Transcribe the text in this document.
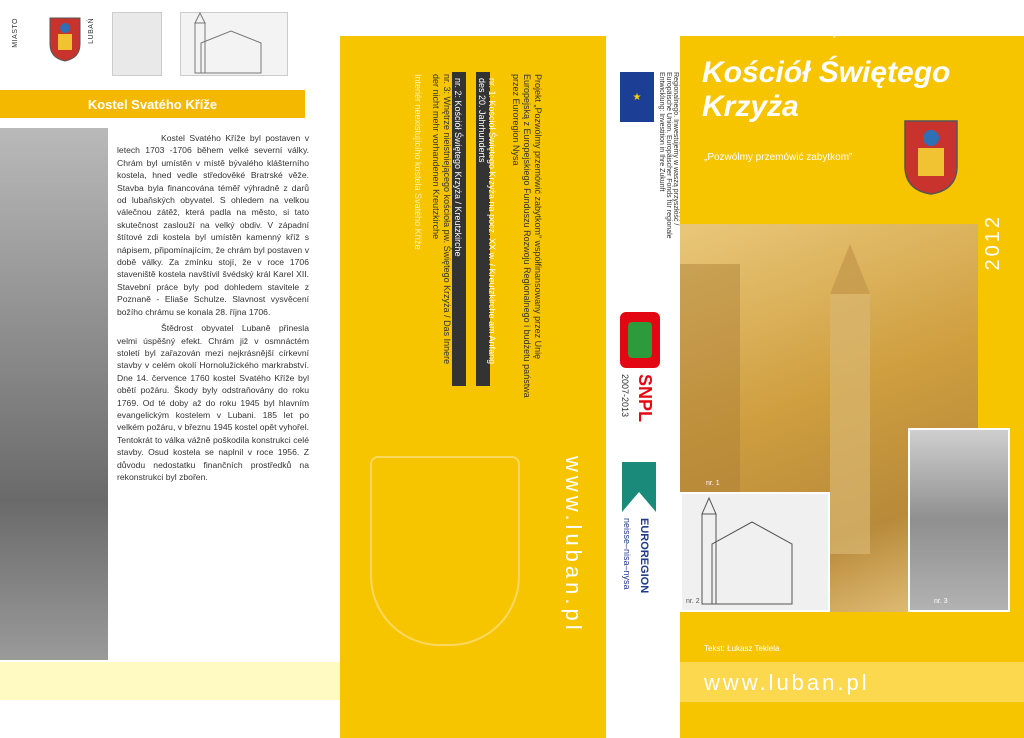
MIASTO	LUBAŃ
Kostel Svatého Kříže

Kostel Svatého Kříže byl postaven v letech 1703 -1706 během velké severní války. Chrám byl umístěn v místě bývalého klášterního kostela, hned vedle středověké Bratrské věže. Stavba byla financována téměř výhradně z darů od lubaňských obyvatel. S ohledem na velkou válečnou zátěž, která padla na město, si tato skutečnost zaslouží na velký obdiv. V západní štítové zdi kostela byl umístěn kamenný kříž s nápisem, připomínajícím, že chrám byl postaven v době války. Za zmínku stojí, že v roce 1706 staveniště kostela navštívil švédský král Karel XII. Stavební práce byly pod dohledem stavitele z Poznaně - Eliaše Schulze. Slavnost vysvěcení božího chrámu se konala 28. října 1706.

Štědrost obyvatel Lubaně přinesla velmi úspěšný efekt. Chrám již v osmnáctém století byl zařazován mezi nejkrásnější církevní stavby v celém okolí Hornolužického markrabství. Dne 14. července 1760 kostel Svatého Kříže byl obětí požáru. Škody byly odstraňovány do roku 1769. Od té doby až do roku 1945 byl hlavním evangelickým kostelem v Lubani. 185 let po velkém požáru, v březnu 1945 kostel opět vyhořel. Tentokrát to válka vážně poškodila konstrukci celé stavby. Osud kostela se naplnil v roce 1956. Z důvodu nedostatku finančních prostředků na rekonstrukci byl zbořen.

Projekt „Pozwólmy przemówić zabytkom” współfinansowany przez Unię Europejską z Europejskiego Funduszu Rozwoju Regionalnego i budżetu państwa przez Euroregion Nysa
nr. 1: Kościół Świętego Krzyża na pocz. XX w. / Kreutzkirche am Anfang des 20. Jahrhunderts
nr. 2: Kościół Świętego Krzyża / Kreutzkirche
nr. 3: Wnętrze nieistniejącego kościoła pw. Świętego Krzyża / Das Innere der nicht mehr vorhandenen Kreutzkirche
Interiér neexistujícího kostela Svatého Kříže
www.luban.pl
★	Regionalnego. Inwestujemy w waszą przyszłość / Europäische Union. Europäischer Fonds für regionale Entwicklung: Investition in Ihre Zukunft
SNPL
2007-2013
EUROREGION
neisse–nisa–nysa
ZABYTEK NIEISTNIEJĄCY
Kościół Świętego
Krzyża
„Pozwólmy przemówić zabytkom”
2012
nr. 1
nr. 2	nr. 3
Tekst: Łukasz Tekiela
www.luban.pl
